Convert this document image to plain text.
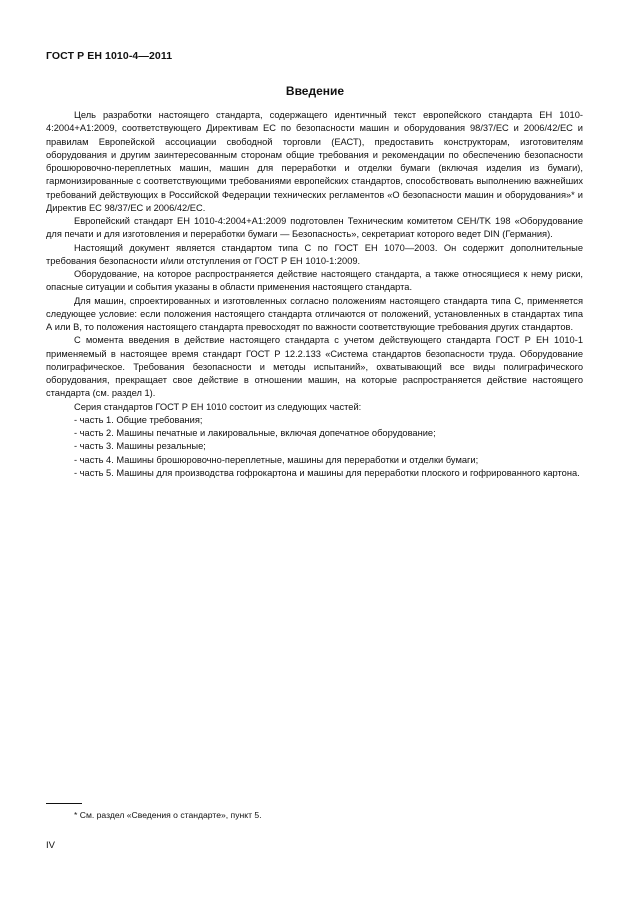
ГОСТ Р ЕН 1010-4—2011
Введение

Цель разработки настоящего стандарта, содержащего идентичный текст европейского стандарта ЕН 1010-4:2004+А1:2009, соответствующего Директивам ЕС по безопасности машин и оборудования 98/37/ЕС и 2006/42/ЕС и правилам Европейской ассоциации свободной торговли (ЕАСТ), предоставить конструкторам, изготовителям оборудования и другим заинтересованным сторонам общие требования и рекомендации по обеспечению безопасности брошюровочно-переплетных машин, машин для переработки и отделки бумаги (включая изделия из бумаги), гармонизированные с соответствующими требованиями европейских стандартов, способствовать выполнению важнейших требований действующих в Российской Федерации технических регламентов «О безопасности машин и оборудования»* и Директив ЕС 98/37/ЕС и 2006/42/ЕС.

Европейский стандарт ЕН 1010-4:2004+А1:2009 подготовлен Техническим комитетом CEH/TK 198 «Оборудование для печати и для изготовления и переработки бумаги — Безопасность», секретариат которого ведет DIN (Германия).

Настоящий документ является стандартом типа С по ГОСТ ЕН 1070—2003. Он содержит дополнительные требования безопасности и/или отступления от ГОСТ Р ЕН 1010-1:2009.

Оборудование, на которое распространяется действие настоящего стандарта, а также относящиеся к нему риски, опасные ситуации и события указаны в области применения настоящего стандарта.

Для машин, спроектированных и изготовленных согласно положениям настоящего стандарта типа С, применяется следующее условие: если положения настоящего стандарта отличаются от положений, установленных в стандартах типа А или В, то положения настоящего стандарта превосходят по важности соответствующие требования других стандартов.

С момента введения в действие настоящего стандарта с учетом действующего стандарта ГОСТ Р ЕН 1010-1 применяемый в настоящее время стандарт ГОСТ Р 12.2.133 «Система стандартов безопасности труда. Оборудование полиграфическое. Требования безопасности и методы испытаний», охватывающий все виды полиграфического оборудования, прекращает свое действие в отношении машин, на которые распространяется действие настоящего стандарта (см. раздел 1).

Серия стандартов ГОСТ Р ЕН 1010 состоит из следующих частей:

- часть 1. Общие требования;
- часть 2. Машины печатные и лакировальные, включая допечатное оборудование;
- часть 3. Машины резальные;
- часть 4. Машины брошюровочно-переплетные, машины для переработки и отделки бумаги;
- часть 5. Машины для производства гофрокартона и машины для переработки плоского и гофрированного картона.
* См. раздел «Сведения о стандарте», пункт 5.
IV
